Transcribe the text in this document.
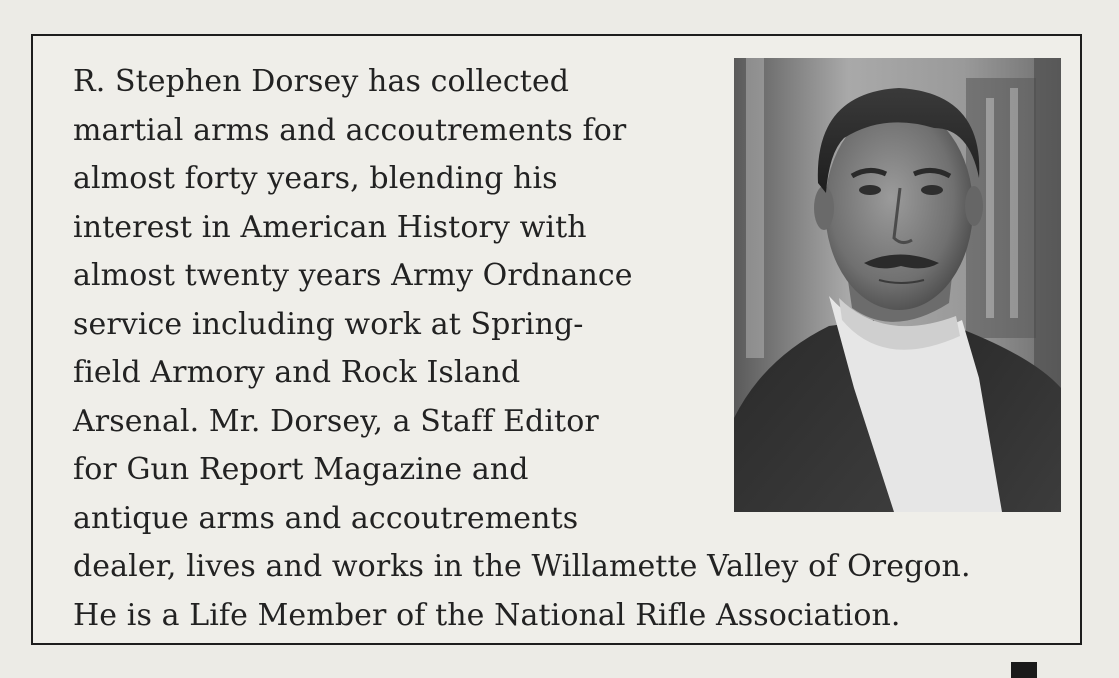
R. Stephen Dorsey has collected
martial arms and accoutrements for
almost forty years, blending his
interest in American History with
almost twenty years Army Ordnance
service including work at Spring-
field Armory and Rock Island
Arsenal. Mr. Dorsey, a Staff Editor
for Gun Report Magazine and
antique arms and accoutrements
dealer, lives and works in the Willamette Valley of Oregon.
He is a Life Member of the National Rifle Association.
